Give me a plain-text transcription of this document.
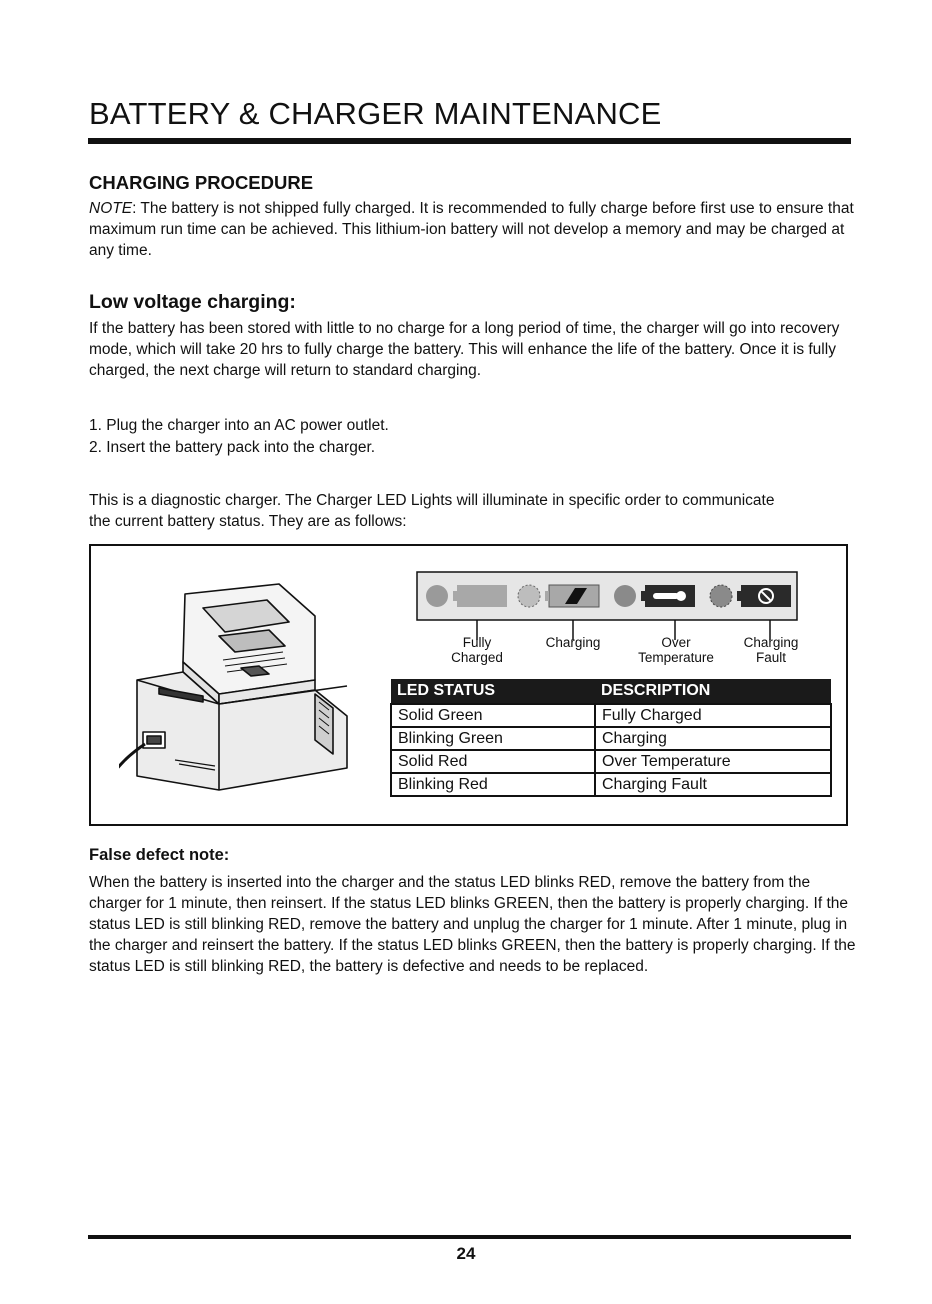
BATTERY & CHARGER MAINTENANCE
CHARGING PROCEDURE

NOTE: The battery is not shipped fully charged. It is recommended to fully charge before first use to ensure that maximum run time can be achieved. This lithium-ion battery will not develop a memory and may be charged at any time.

Low voltage charging:

If the battery has been stored with little to no charge for a long period of time, the charger will go into recovery mode, which will take 20 hrs to fully charge the battery. This will enhance the life of the battery. Once it is fully charged, the next charge will return to standard charging.

1. Plug the charger into an AC power outlet.
2. Insert the battery pack into the charger.

This is a diagnostic charger. The Charger LED Lights will illuminate in specific order to communicate the current battery status. They are as follows:

Fully
Charged
Charging	Over
Temperature
Charging
Fault
LED STATUS	DESCRIPTION
Solid Green	Fully Charged
Blinking Green	Charging
Solid Red	Over Temperature
Blinking Red	Charging Fault
False defect note:

When the battery is inserted into the charger and the status LED blinks RED, remove the battery from the charger for 1 minute, then reinsert. If the status LED blinks GREEN, then the battery is properly charging. If the status LED is still blinking RED, remove the battery and unplug the charger for 1 minute. After 1 minute, plug in the charger and reinsert the battery. If the status LED blinks GREEN, then the battery is properly charging. If the status LED is still blinking RED, the battery is defective and needs to be replaced.

24
